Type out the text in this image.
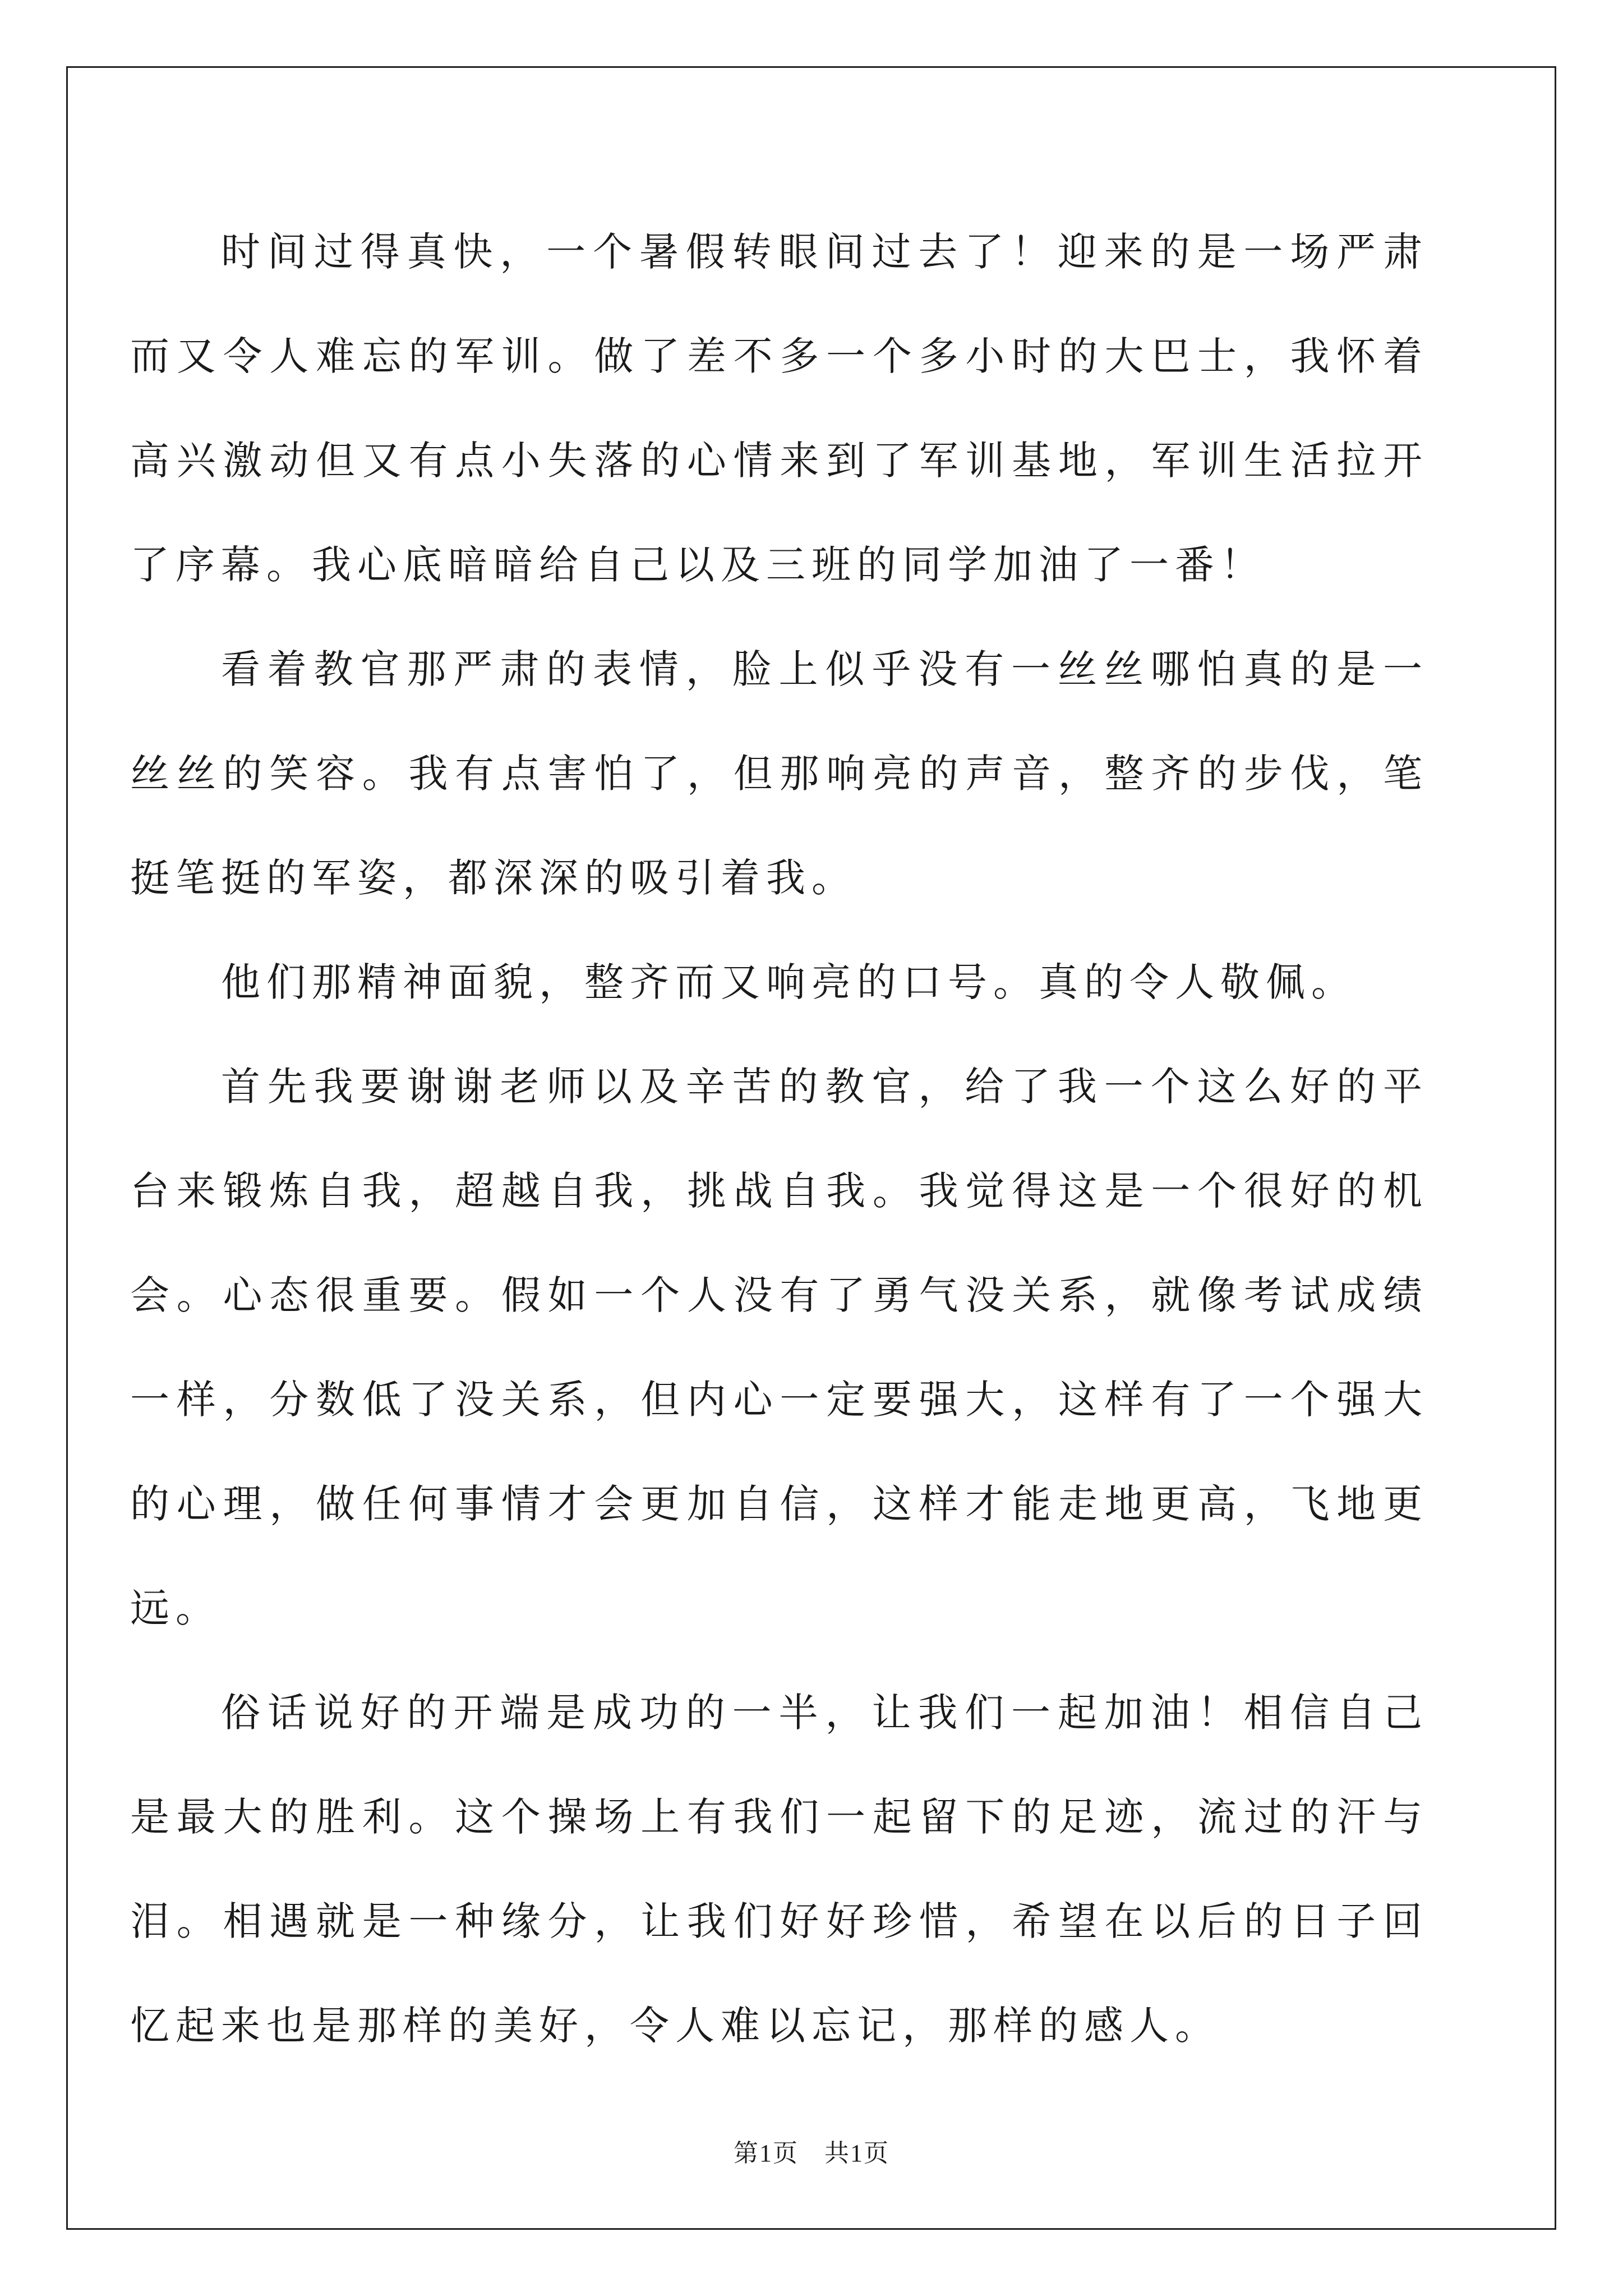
时间过得真快，一个暑假转眼间过去了！迎来的是一场严肃而又令人难忘的军训。做了差不多一个多小时的大巴士，我怀着高兴激动但又有点小失落的心情来到了军训基地，军训生活拉开了序幕。我心底暗暗给自己以及三班的同学加油了一番！

看着教官那严肃的表情，脸上似乎没有一丝丝哪怕真的是一丝丝的笑容。我有点害怕了，但那响亮的声音，整齐的步伐，笔挺笔挺的军姿，都深深的吸引着我。

他们那精神面貌，整齐而又响亮的口号。真的令人敬佩。

首先我要谢谢老师以及辛苦的教官，给了我一个这么好的平台来锻炼自我，超越自我，挑战自我。我觉得这是一个很好的机会。心态很重要。假如一个人没有了勇气没关系，就像考试成绩一样，分数低了没关系，但内心一定要强大，这样有了一个强大的心理，做任何事情才会更加自信，这样才能走地更高，飞地更远。

俗话说好的开端是成功的一半，让我们一起加油！相信自己是最大的胜利。这个操场上有我们一起留下的足迹，流过的汗与泪。相遇就是一种缘分，让我们好好珍惜，希望在以后的日子回忆起来也是那样的美好，令人难以忘记，那样的感人。

第1页 共1页
